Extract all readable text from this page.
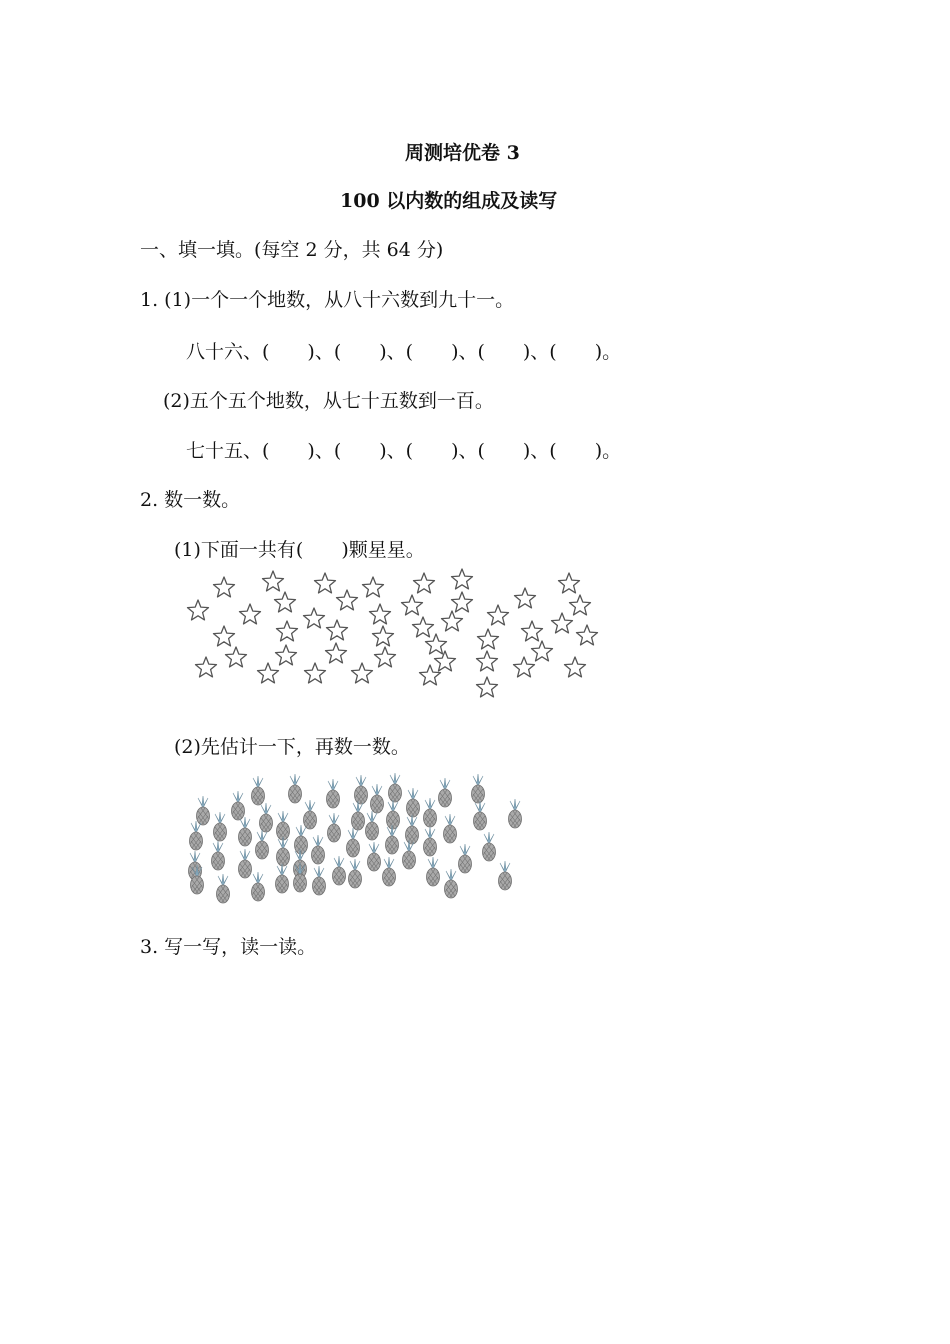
周测培优卷 3
100 以内数的组成及读写
一、填一填。(每空 2 分，共 64 分)
1. (1)一个一个地数，从八十六数到九十一。
八十六、(　　)、(　　)、(　　)、(　　)、(　　)。
(2)五个五个地数，从七十五数到一百。
七十五、(　　)、(　　)、(　　)、(　　)、(　　)。
2. 数一数。
(1)下面一共有(　　)颗星星。
(2)先估计一下，再数一数。
3. 写一写，读一读。
